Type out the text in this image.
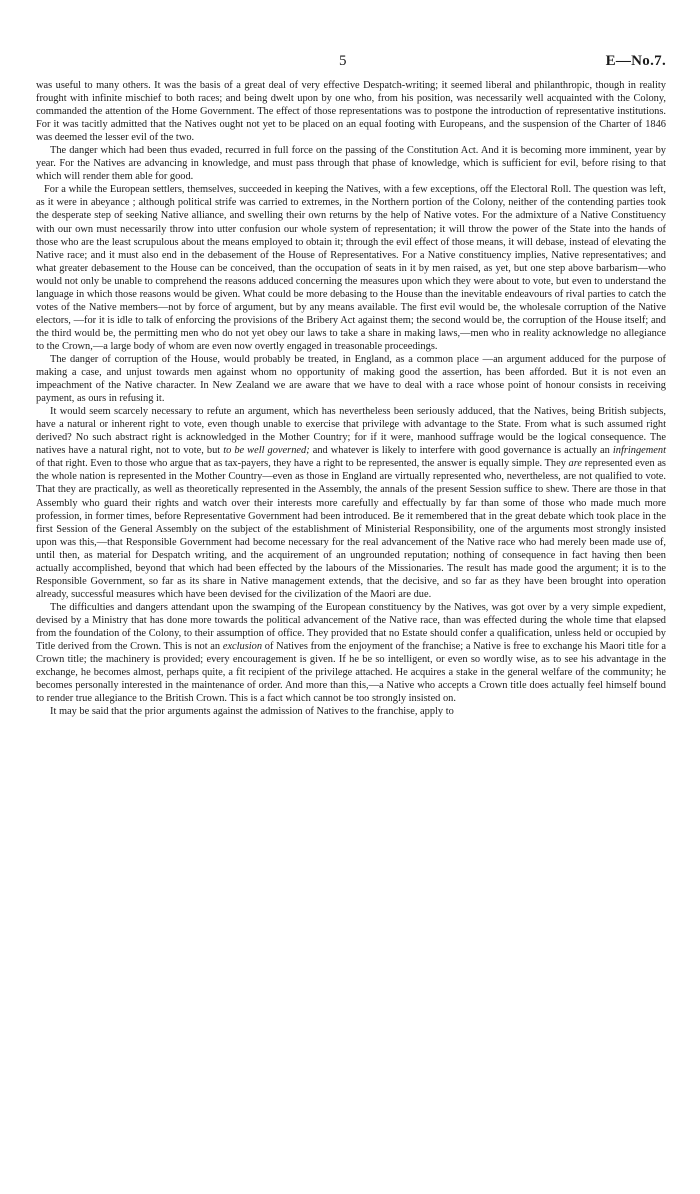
5	E—No.7.

was useful to many others. It was the basis of a great deal of very effective Despatch-writing; it seemed liberal and philanthropic, though in reality frought with infinite mischief to both races; and being dwelt upon by one who, from his position, was necessarily well acquainted with the Colony, commanded the attention of the Home Government. The effect of those representations was to postpone the introduction of representative institutions. For it was tacitly admitted that the Natives ought not yet to be placed on an equal footing with Europeans, and the suspension of the Charter of 1846 was deemed the lesser evil of the two.

The danger which had been thus evaded, recurred in full force on the passing of the Constitution Act. And it is becoming more imminent, year by year. For the Natives are advancing in knowledge, and must pass through that phase of knowledge, which is sufficient for evil, before rising to that which will render them able for good.

For a while the European settlers, themselves, succeeded in keeping the Natives, with a few exceptions, off the Electoral Roll. The question was left, as it were in abeyance ; although political strife was carried to extremes, in the Northern portion of the Colony, neither of the contending parties took the desperate step of seeking Native alliance, and swelling their own returns by the help of Native votes. For the admixture of a Native Constituency with our own must necessarily throw into utter confusion our whole system of representation; it will throw the power of the State into the hands of those who are the least scrupulous about the means employed to obtain it; through the evil effect of those means, it will debase, instead of elevating the Native race; and it must also end in the debasement of the House of Representatives. For a Native constituency implies, Native representatives; and what greater debasement to the House can be conceived, than the occupation of seats in it by men raised, as yet, but one step above barbarism—who would not only be unable to comprehend the reasons adduced concerning the measures upon which they were about to vote, but even to understand the language in which those reasons would be given. What could be more debasing to the House than the inevitable endeavours of rival parties to catch the votes of the Native members—not by force of argument, but by any means available. The first evil would be, the wholesale corruption of the Native electors, —for it is idle to talk of enforcing the provisions of the Bribery Act against them; the second would be, the corruption of the House itself; and the third would be, the permitting men who do not yet obey our laws to take a share in making laws,—men who in reality acknowledge no allegiance to the Crown,—a large body of whom are even now overtly engaged in treasonable proceedings.

The danger of corruption of the House, would probably be treated, in England, as a common place —an argument adduced for the purpose of making a case, and unjust towards men against whom no opportunity of making good the assertion, has been afforded. But it is not even an impeachment of the Native character. In New Zealand we are aware that we have to deal with a race whose point of honour consists in receiving payment, as ours in refusing it.

It would seem scarcely necessary to refute an argument, which has nevertheless been seriously adduced, that the Natives, being British subjects, have a natural or inherent right to vote, even though unable to exercise that privilege with advantage to the State. From what is such assumed right derived? No such abstract right is acknowledged in the Mother Country; for if it were, manhood suffrage would be the logical consequence. The natives have a natural right, not to vote, but to be well governed; and whatever is likely to interfere with good governance is actually an infringement of that right. Even to those who argue that as tax-payers, they have a right to be represented, the answer is equally simple. They are represented even as the whole nation is represented in the Mother Country—even as those in England are virtually represented who, nevertheless, are not qualified to vote. That they are practically, as well as theoretically represented in the Assembly, the annals of the present Session suffice to shew. There are those in that Assembly who guard their rights and watch over their interests more carefully and effectually by far than some of those who made much more profession, in former times, before Representative Government had been introduced. Be it remembered that in the great debate which took place in the first Session of the General Assembly on the subject of the establishment of Ministerial Responsibility, one of the arguments most strongly insisted upon was this,—that Responsible Government had become necessary for the real advancement of the Native race who had merely been made use of, until then, as material for Despatch writing, and the acquirement of an ungrounded reputation; nothing of consequence in fact having then been actually accomplished, beyond that which had been effected by the labours of the Missionaries. The result has made good the argument; it is to the Responsible Government, so far as its share in Native management extends, that the decisive, and so far as they have been brought into operation already, successful measures which have been devised for the civilization of the Maori are due.

The difficulties and dangers attendant upon the swamping of the European constituency by the Natives, was got over by a very simple expedient, devised by a Ministry that has done more towards the political advancement of the Native race, than was effected during the whole time that elapsed from the foundation of the Colony, to their assumption of office. They provided that no Estate should confer a qualification, unless held or occupied by Title derived from the Crown. This is not an exclusion of Natives from the enjoyment of the franchise; a Native is free to exchange his Maori title for a Crown title; the machinery is provided; every encouragement is given. If he be so intelligent, or even so wordly wise, as to see his advantage in the exchange, he becomes almost, perhaps quite, a fit recipient of the privilege attached. He acquires a stake in the general welfare of the community; he becomes personally interested in the maintenance of order. And more than this,—a Native who accepts a Crown title does actually feel himself bound to render true allegiance to the British Crown. This is a fact which cannot be too strongly insisted on.

It may be said that the prior arguments against the admission of Natives to the franchise, apply to
